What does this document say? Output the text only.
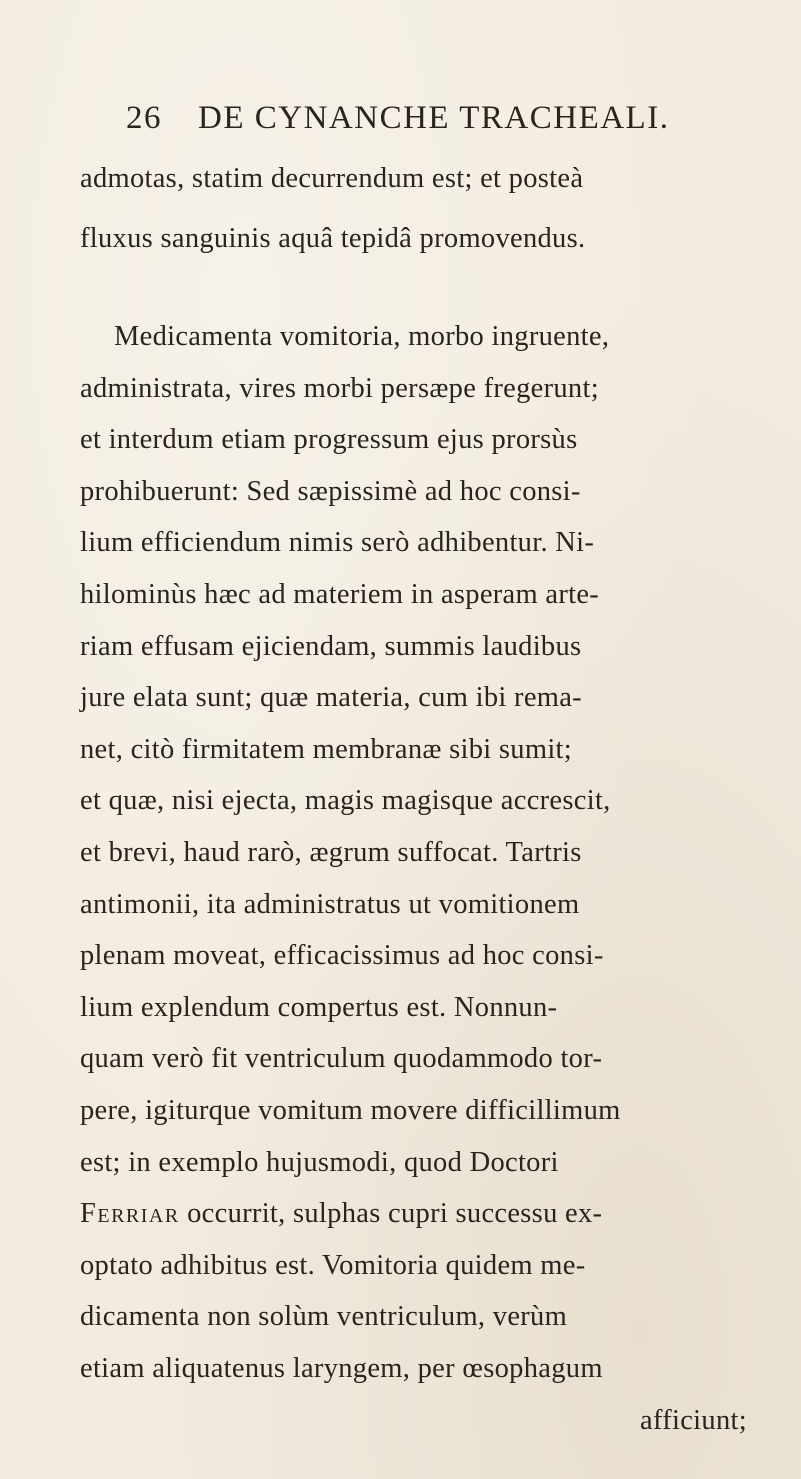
26 DE CYNANCHE TRACHEALI.
admotas, statim decurrendum est; et posteà
fluxus sanguinis aquâ tepidâ promovendus.
Medicamenta vomitoria, morbo ingruente,
administrata, vires morbi persæpe fregerunt;
et interdum etiam progressum ejus prorsùs
prohibuerunt: Sed sæpissimè ad hoc consi-
lium efficiendum nimis serò adhibentur. Ni-
hilominùs hæc ad materiem in asperam arte-
riam effusam ejiciendam, summis laudibus
jure elata sunt; quæ materia, cum ibi rema-
net, citò firmitatem membranæ sibi sumit;
et quæ, nisi ejecta, magis magisque accrescit,
et brevi, haud rarò, ægrum suffocat. Tartris
antimonii, ita administratus ut vomitionem
plenam moveat, efficacissimus ad hoc consi-
lium explendum compertus est. Nonnun-
quam verò fit ventriculum quodammodo tor-
pere, igiturque vomitum movere difficillimum
est; in exemplo hujusmodi, quod Doctori
Ferriar occurrit, sulphas cupri successu ex-
optato adhibitus est. Vomitoria quidem me-
dicamenta non solùm ventriculum, verùm
etiam aliquatenus laryngem, per œsophagum
afficiunt;
